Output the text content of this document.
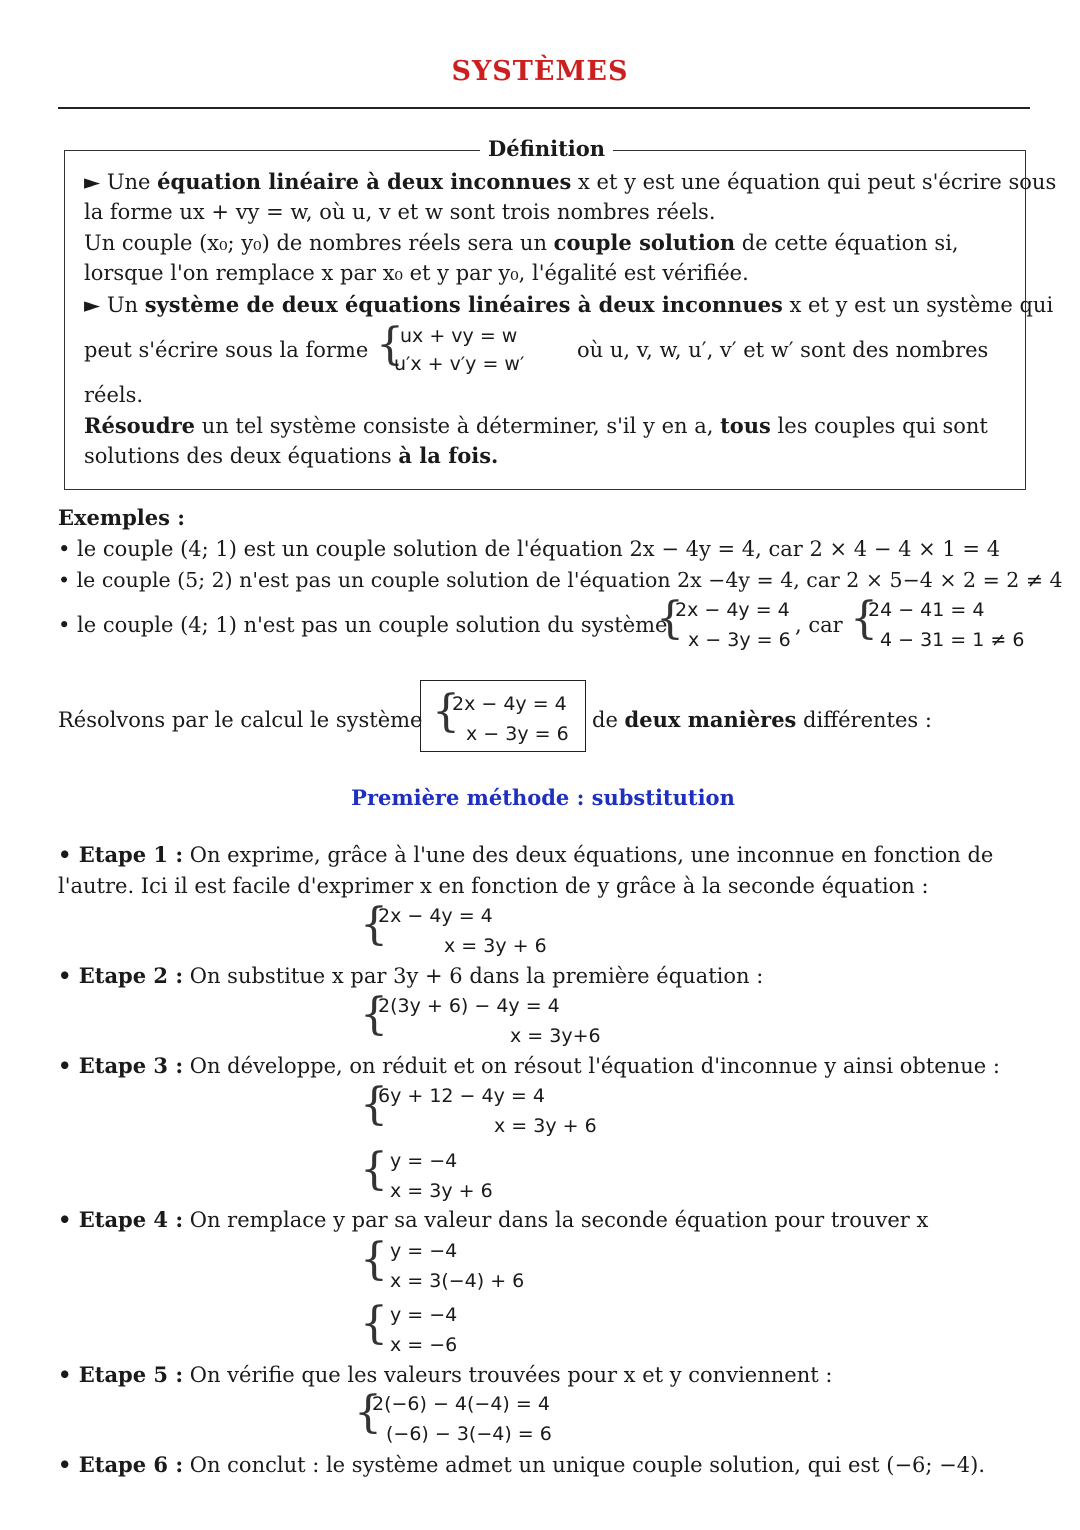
SYSTÈMES
Définition
► Une équation linéaire à deux inconnues x et y est une équation qui peut s'écrire sous
la forme ux + vy = w, où u, v et w sont trois nombres réels.
Un couple (x₀; y₀) de nombres réels sera un couple solution de cette équation si,
lorsque l'on remplace x par x₀ et y par y₀, l'égalité est vérifiée.
► Un système de deux équations linéaires à deux inconnues x et y est un système qui
peut s'écrire sous la forme {
ux + vy = w
u′x + v′y = w′
où u, v, w, u′, v′ et w′ sont des nombres
réels.
Résoudre un tel système consiste à déterminer, s'il y en a, tous les couples qui sont
solutions des deux équations à la fois.
Exemples :
• le couple (4; 1) est un couple solution de l'équation 2x − 4y = 4, car 2 × 4 − 4 × 1 = 4
• le couple (5; 2) n'est pas un couple solution de l'équation 2x −4y = 4, car 2 × 5−4 × 2 = 2 ≠ 4
• le couple (4; 1) n'est pas un couple solution du système
{
2x − 4y = 4
x − 3y = 6
, car {
24 − 41 = 4
4 − 31 = 1 ≠ 6
Résolvons par le calcul le système {
2x − 4y = 4
x − 3y = 6
de deux manières différentes :
Première méthode : substitution
• Etape 1 : On exprime, grâce à l'une des deux équations, une inconnue en fonction de
l'autre. Ici il est facile d'exprimer x en fonction de y grâce à la seconde équation :
{
2x − 4y = 4
x = 3y + 6
• Etape 2 : On substitue x par 3y + 6 dans la première équation :
{
2(3y + 6) − 4y = 4
x = 3y+6
• Etape 3 : On développe, on réduit et on résout l'équation d'inconnue y ainsi obtenue :
{
6y + 12 − 4y = 4
x = 3y + 6
{ y = −4
x = 3y + 6
• Etape 4 : On remplace y par sa valeur dans la seconde équation pour trouver x
{ y = −4
x = 3(−4) + 6
{ y = −4
x = −6
• Etape 5 : On vérifie que les valeurs trouvées pour x et y conviennent :
{
2(−6) − 4(−4) = 4
(−6) − 3(−4) = 6
• Etape 6 : On conclut : le système admet un unique couple solution, qui est (−6; −4).
